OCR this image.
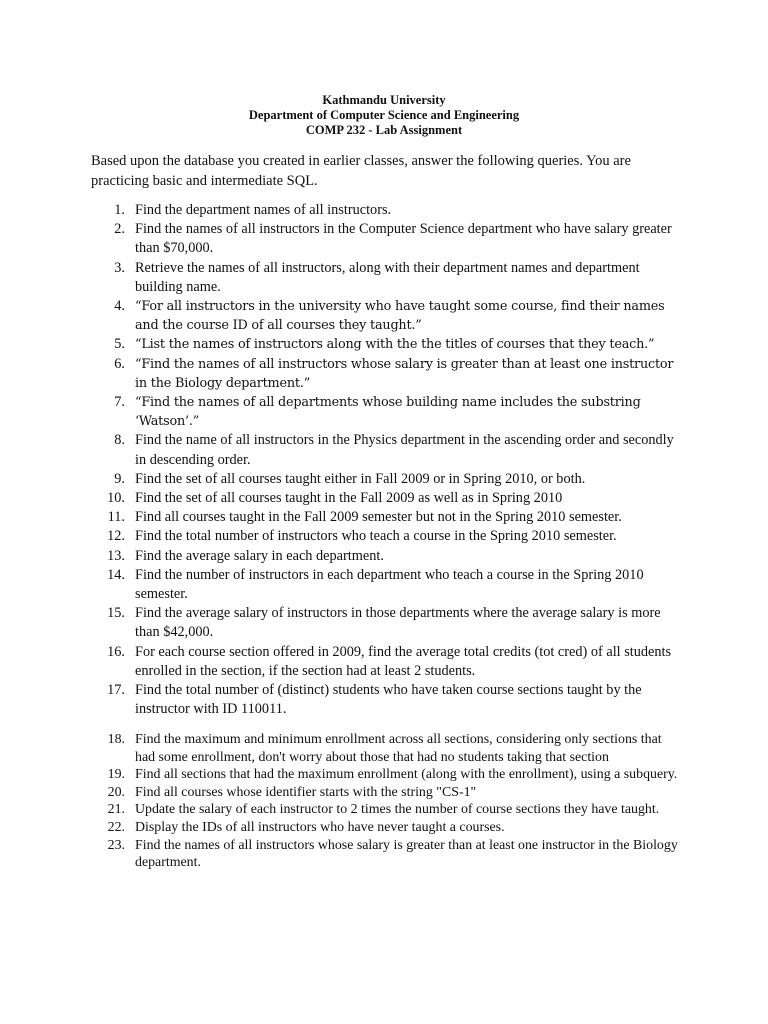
Kathmandu University
Department of Computer Science and Engineering
COMP 232 - Lab Assignment

Based upon the database you created in earlier classes, answer the following queries. You are practicing basic and intermediate SQL.

1. Find the department names of all instructors.
2. Find the names of all instructors in the Computer Science department who have salary greater than $70,000.
3. Retrieve the names of all instructors, along with their department names and department building name.
4. “For all instructors in the university who have taught some course, find their names and the course ID of all courses they taught.”
5. “List the names of instructors along with the the titles of courses that they teach.”
6. “Find the names of all instructors whose salary is greater than at least one instructor in the Biology department.”
7. “Find the names of all departments whose building name includes the substring ‘Watson’.”
8. Find the name of all instructors in the Physics department in the ascending order and secondly in descending order.
9. Find the set of all courses taught either in Fall 2009 or in Spring 2010, or both.
10. Find the set of all courses taught in the Fall 2009 as well as in Spring 2010
11. Find all courses taught in the Fall 2009 semester but not in the Spring 2010 semester.
12. Find the total number of instructors who teach a course in the Spring 2010 semester.
13. Find the average salary in each department.
14. Find the number of instructors in each department who teach a course in the Spring 2010 semester.
15. Find the average salary of instructors in those departments where the average salary is more than $42,000.
16. For each course section offered in 2009, find the average total credits (tot cred) of all students enrolled in the section, if the section had at least 2 students.
17. Find the total number of (distinct) students who have taken course sections taught by the instructor with ID 110011.
18. Find the maximum and minimum enrollment across all sections, considering only sections that had some enrollment, don't worry about those that had no students taking that section
19. Find all sections that had the maximum enrollment (along with the enrollment), using a subquery.
20. Find all courses whose identifier starts with the string "CS-1"
21. Update the salary of each instructor to 2 times the number of course sections they have taught.
22. Display the IDs of all instructors who have never taught a courses.
23. Find the names of all instructors whose salary is greater than at least one instructor in the Biology department.
